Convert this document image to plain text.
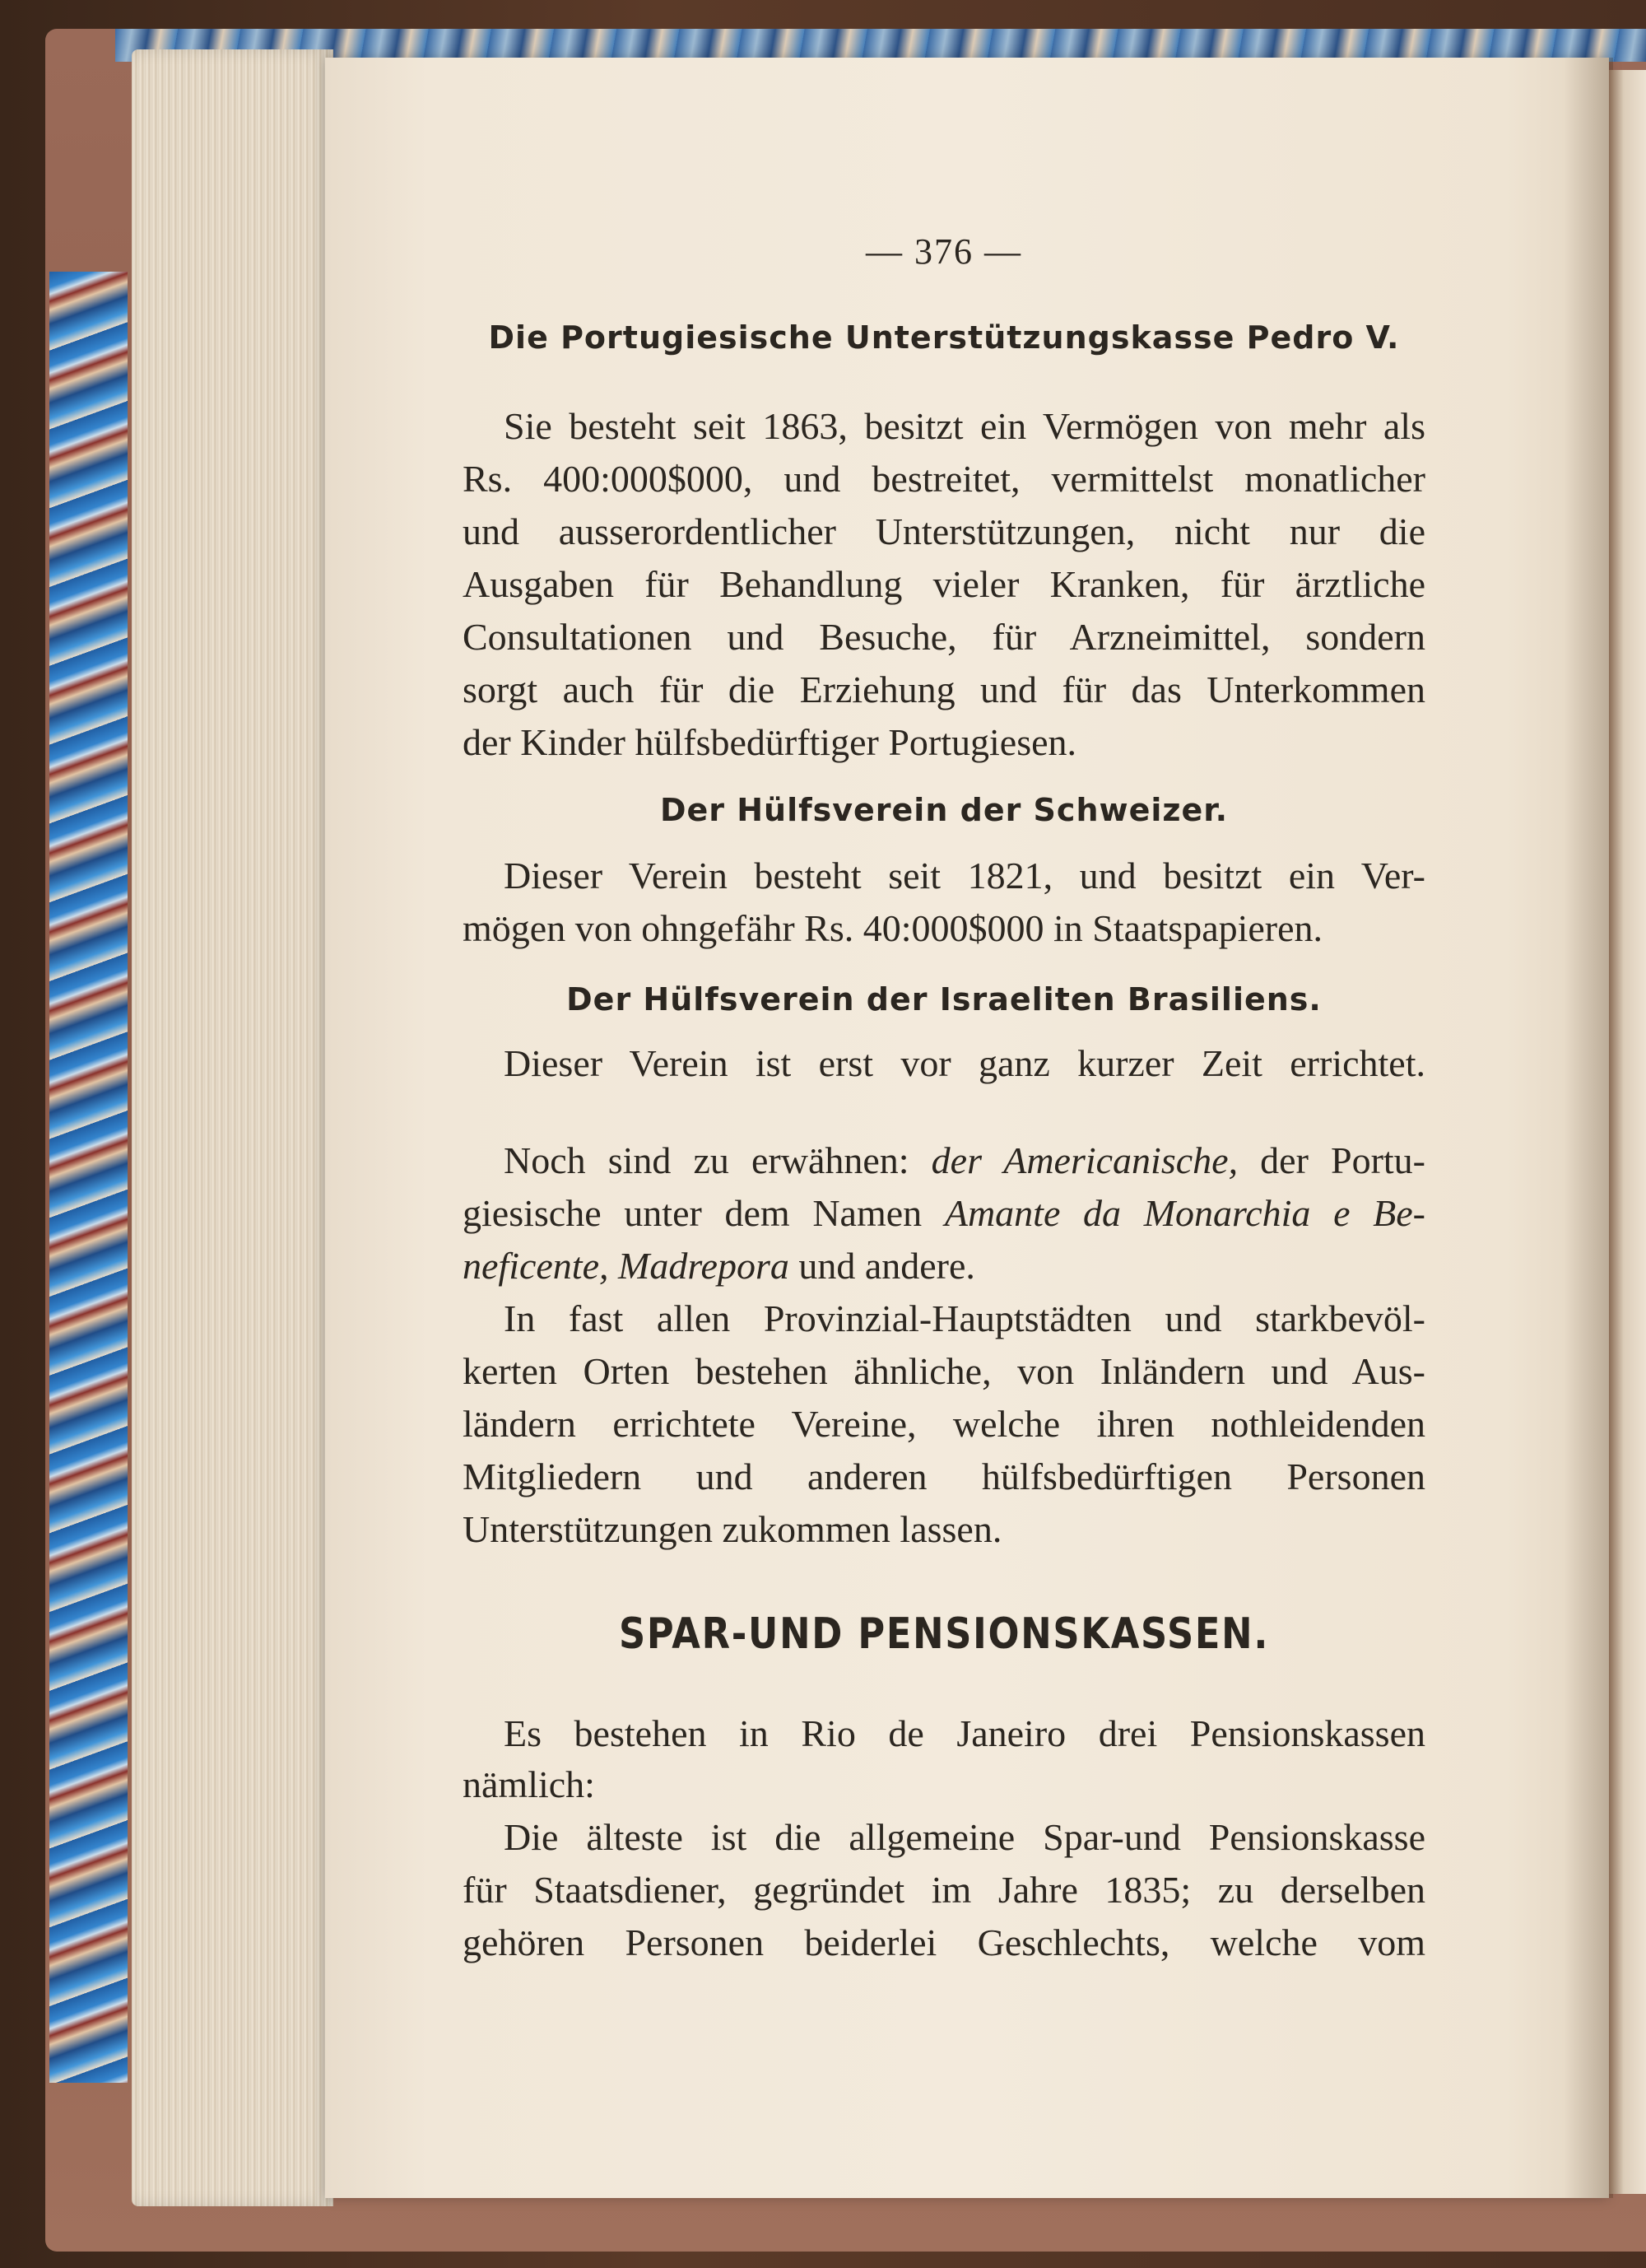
— 376 —
Die Portugiesische Unterstützungskasse Pedro V.
Sie besteht seit 1863, besitzt ein Vermögen von mehr als
Rs. 400:000$000, und bestreitet, vermittelst monatlicher
und ausserordentlicher Unterstützungen, nicht nur die
Ausgaben für Behandlung vieler Kranken, für ärztliche
Consultationen und Besuche, für Arzneimittel, sondern
sorgt auch für die Erziehung und für das Unterkommen
der Kinder hülfsbedürftiger Portugiesen.
Der Hülfsverein der Schweizer.
Dieser Verein besteht seit 1821, und besitzt ein Ver-
mögen von ohngefähr Rs. 40:000$000 in Staatspapieren.
Der Hülfsverein der Israeliten Brasiliens.
Dieser Verein ist erst vor ganz kurzer Zeit errichtet.
Noch sind zu erwähnen: der Americanische, der Portu-
giesische unter dem Namen Amante da Monarchia e Be-
neficente, Madrepora und andere.
In fast allen Provinzial-Hauptstädten und starkbevöl-
kerten Orten bestehen ähnliche, von Inländern und Aus-
ländern errichtete Vereine, welche ihren nothleidenden
Mitgliedern und anderen hülfsbedürftigen Personen
Unterstützungen zukommen lassen.
SPAR-UND PENSIONSKASSEN.
Es bestehen in Rio de Janeiro drei Pensionskassen
nämlich:
Die älteste ist die allgemeine Spar-und Pensionskasse
für Staatsdiener, gegründet im Jahre 1835; zu derselben
gehören Personen beiderlei Geschlechts, welche vom
